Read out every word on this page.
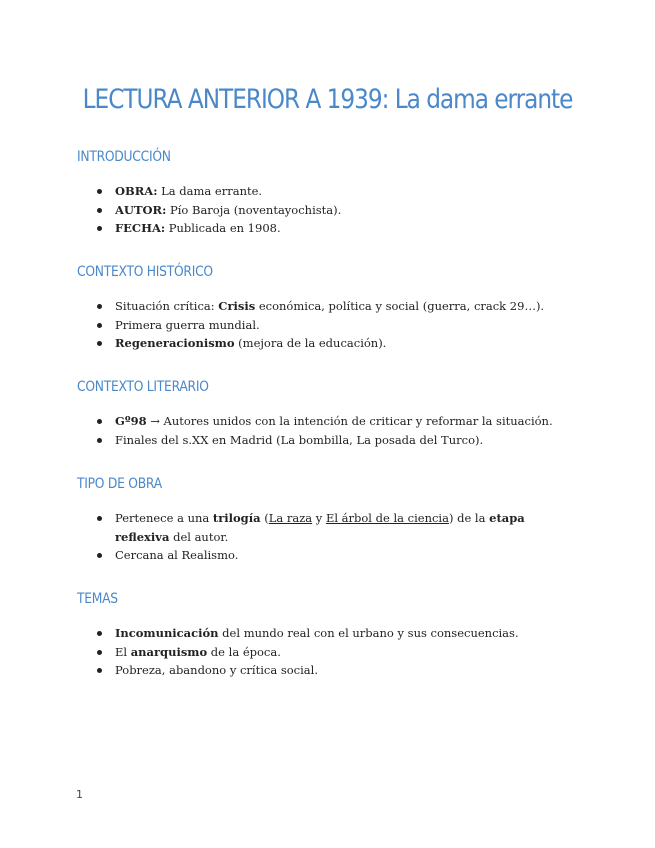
LECTURA ANTERIOR A 1939: La dama errante
INTRODUCCIÓN
OBRA: La dama errante.
AUTOR: Pío Baroja (noventayochista).
FECHA: Publicada en 1908.
CONTEXTO HISTÓRICO
Situación crítica: Crisis económica, política y social (guerra, crack 29…).
Primera guerra mundial.
Regeneracionismo (mejora de la educación).
CONTEXTO LITERARIO
Gº98 → Autores unidos con la intención de criticar y reformar la situación.
Finales del s.XX en Madrid (La bombilla, La posada del Turco).
TIPO DE OBRA
Pertenece a una trilogía (La raza y El árbol de la ciencia) de la etapa reflexiva del autor.
Cercana al Realismo.
TEMAS
Incomunicación del mundo real con el urbano y sus consecuencias.
El anarquismo de la época.
Pobreza, abandono y crítica social.
1
